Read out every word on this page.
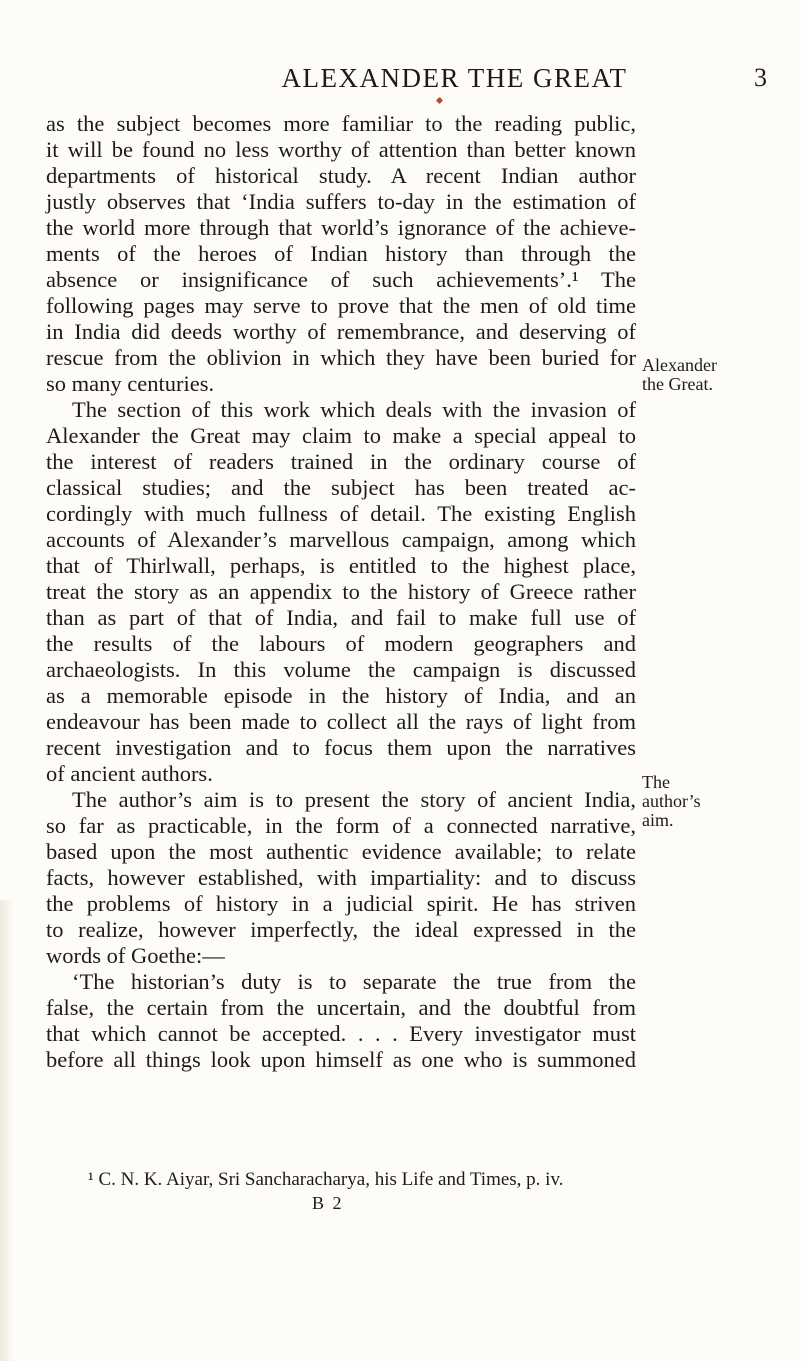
ALEXANDER THE GREAT	3
as the subject becomes more familiar to the reading public,
it will be found no less worthy of attention than better known
departments of historical study. A recent Indian author
justly observes that ‘India suffers to-day in the estimation of
the world more through that world’s ignorance of the achieve-
ments of the heroes of Indian history than through the
absence or insignificance of such achievements’.¹ The
following pages may serve to prove that the men of old time
in India did deeds worthy of remembrance, and deserving of
rescue from the oblivion in which they have been buried for
so many centuries.
The section of this work which deals with the invasion of
Alexander the Great may claim to make a special appeal to
the interest of readers trained in the ordinary course of
classical studies; and the subject has been treated ac-
cordingly with much fullness of detail. The existing English
accounts of Alexander’s marvellous campaign, among which
that of Thirlwall, perhaps, is entitled to the highest place,
treat the story as an appendix to the history of Greece rather
than as part of that of India, and fail to make full use of
the results of the labours of modern geographers and
archaeologists. In this volume the campaign is discussed
as a memorable episode in the history of India, and an
endeavour has been made to collect all the rays of light from
recent investigation and to focus them upon the narratives
of ancient authors.
The author’s aim is to present the story of ancient India,
so far as practicable, in the form of a connected narrative,
based upon the most authentic evidence available; to relate
facts, however established, with impartiality: and to discuss
the problems of history in a judicial spirit. He has striven
to realize, however imperfectly, the ideal expressed in the
words of Goethe:—
‘The historian’s duty is to separate the true from the
false, the certain from the uncertain, and the doubtful from
that which cannot be accepted. . . . Every investigator must
before all things look upon himself as one who is summoned
Alexander
the Great.
The
author’s
aim.
¹ C. N. K. Aiyar, Sri Sancharacharya, his Life and Times, p. iv.
B 2
